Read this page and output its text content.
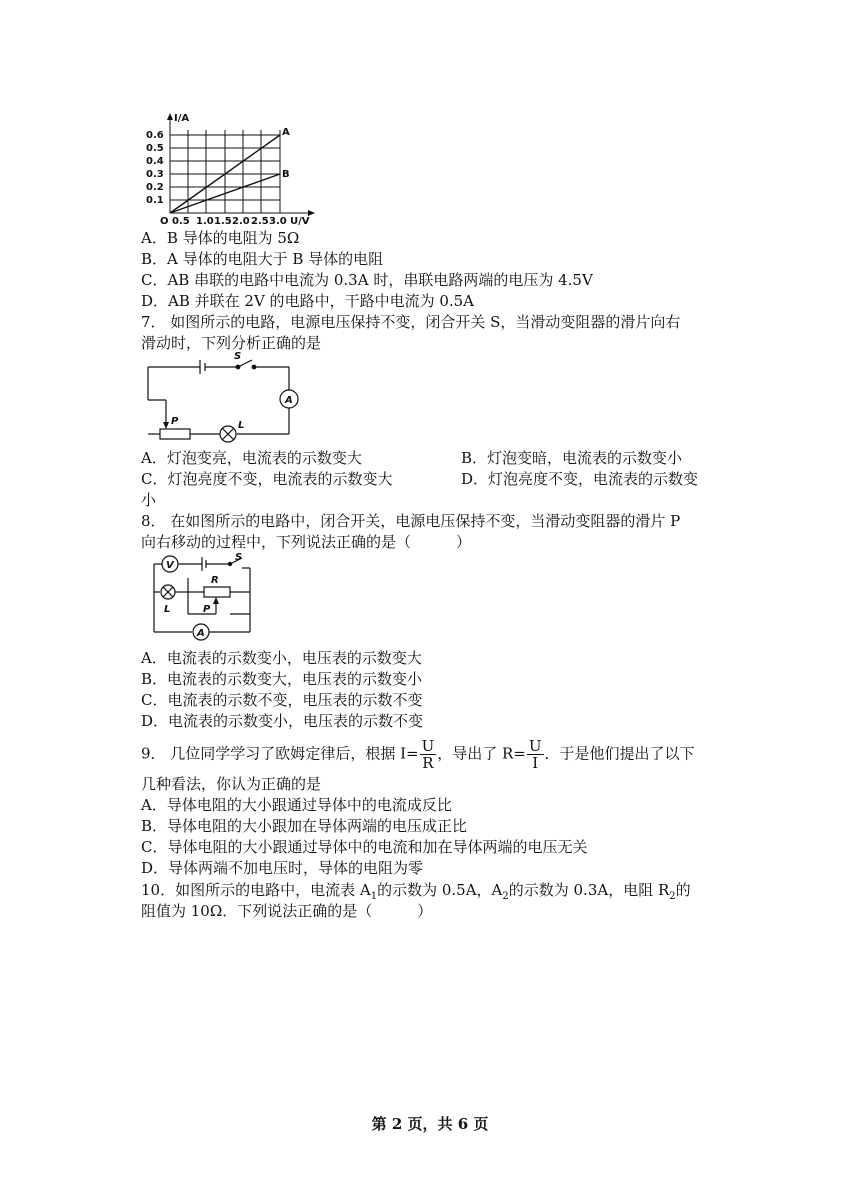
I/A
U/V
O
A
B
0.1
0.2
0.3
0.4
0.5
0.6
0.5 1.0 1.5 2.0 2.5 3.0
A．B 导体的电阻为 5Ω
B．A 导体的电阻大于 B 导体的电阻
C．AB 串联的电路中电流为 0.3A 时，串联电路两端的电压为 4.5V
D．AB 并联在 2V 的电路中，干路中电流为 0.5A
7． 如图所示的电路，电源电压保持不变，闭合开关 S，当滑动变阻器的滑片向右
滑动时，下列分析正确的是
S
A
P	L
A．灯泡变亮，电流表的示数变大	B．灯泡变暗，电流表的示数变小
C．灯泡亮度不变，电流表的示数变大	D．灯泡亮度不变，电流表的示数变
小
8． 在如图所示的电路中，闭合开关，电源电压保持不变，当滑动变阻器的滑片 P
向右移动的过程中，下列说法正确的是（　　　）
V
R
S
L	P
A
A．电流表的示数变小，电压表的示数变大
B．电流表的示数变大，电压表的示数变小
C．电流表的示数不变，电压表的示数不变
D．电流表的示数变小，电压表的示数不变
9． 几位同学学习了欧姆定律后，根据 $I= \frac{U}{R}$ ，导出了 $R= \frac{U}{I}$ ．于是他们提出了以下
几种看法，你认为正确的是
A．导体电阻的大小跟通过导体中的电流成反比
B．导体电阻的大小跟加在导体两端的电压成正比
C．导体电阻的大小跟通过导体中的电流和加在导体两端的电压无关
D．导体两端不加电压时，导体的电阻为零
10．如图所示的电路中，电流表 $A_1$的示数为 0.5A，$A_2$的示数为 0.3A，电阻 $R_2$的
阻值为 10Ω．下列说法正确的是（　　　）
第 2 页，共 6 页
